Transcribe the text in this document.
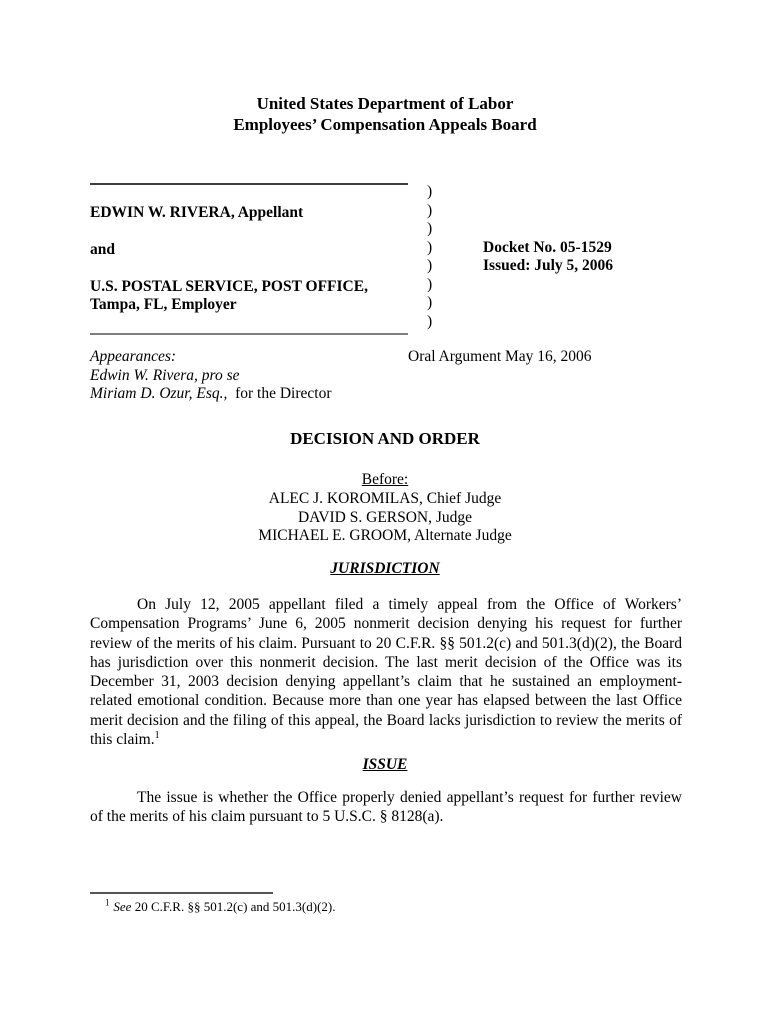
United States Department of Labor
Employees’ Compensation Appeals Board
EDWIN W. RIVERA, Appellant
and
U.S. POSTAL SERVICE, POST OFFICE,
Tampa, FL, Employer
)
)
)
)
)
)
)
)
Docket No. 05-1529
Issued: July 5, 2006
Appearances:	Oral Argument May 16, 2006
Edwin W. Rivera, pro se
Miriam D. Ozur, Esq., for the Director
DECISION AND ORDER
Before:
ALEC J. KOROMILAS, Chief Judge
DAVID S. GERSON, Judge
MICHAEL E. GROOM, Alternate Judge
JURISDICTION

On July 12, 2005 appellant filed a timely appeal from the Office of Workers’ Compensation Programs’ June 6, 2005 nonmerit decision denying his request for further review of the merits of his claim. Pursuant to 20 C.F.R. §§ 501.2(c) and 501.3(d)(2), the Board has jurisdiction over this nonmerit decision. The last merit decision of the Office was its December 31, 2003 decision denying appellant’s claim that he sustained an employment-related emotional condition. Because more than one year has elapsed between the last Office merit decision and the filing of this appeal, the Board lacks jurisdiction to review the merits of this claim.$^1$

ISSUE

The issue is whether the Office properly denied appellant’s request for further review of the merits of his claim pursuant to 5 U.S.C. § 8128(a).

$^1$ See 20 C.F.R. §§ 501.2(c) and 501.3(d)(2).
